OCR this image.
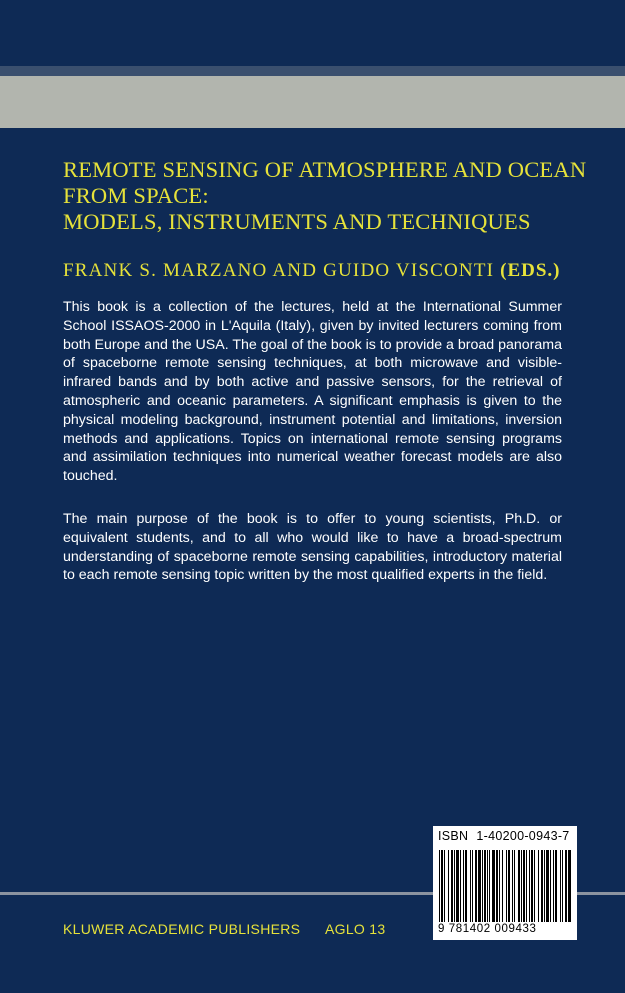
REMOTE SENSING OF ATMOSPHERE AND OCEAN
FROM SPACE:
MODELS, INSTRUMENTS AND TECHNIQUES
FRANK S. MARZANO AND GUIDO VISCONTI (EDS.)
This book is a collection of the lectures, held at the International Summer School ISSAOS-2000 in L'Aquila (Italy), given by invited lecturers coming from both Europe and the USA. The goal of the book is to provide a broad panorama of spaceborne remote sensing techniques, at both microwave and visible-infrared bands and by both active and passive sensors, for the retrieval of atmospheric and oceanic parameters. A significant emphasis is given to the physical modeling background, instrument potential and limitations, inversion methods and applications. Topics on international remote sensing programs and assimilation techniques into numerical weather forecast models are also touched.
The main purpose of the book is to offer to young scientists, Ph.D. or equivalent students, and to all who would like to have a broad-spectrum understanding of spaceborne remote sensing capabilities, introductory material to each remote sensing topic written by the most qualified experts in the field.
ISBN 1-40200-0943-7
9 781402 009433
KLUWER ACADEMIC PUBLISHERS AGLO 13
